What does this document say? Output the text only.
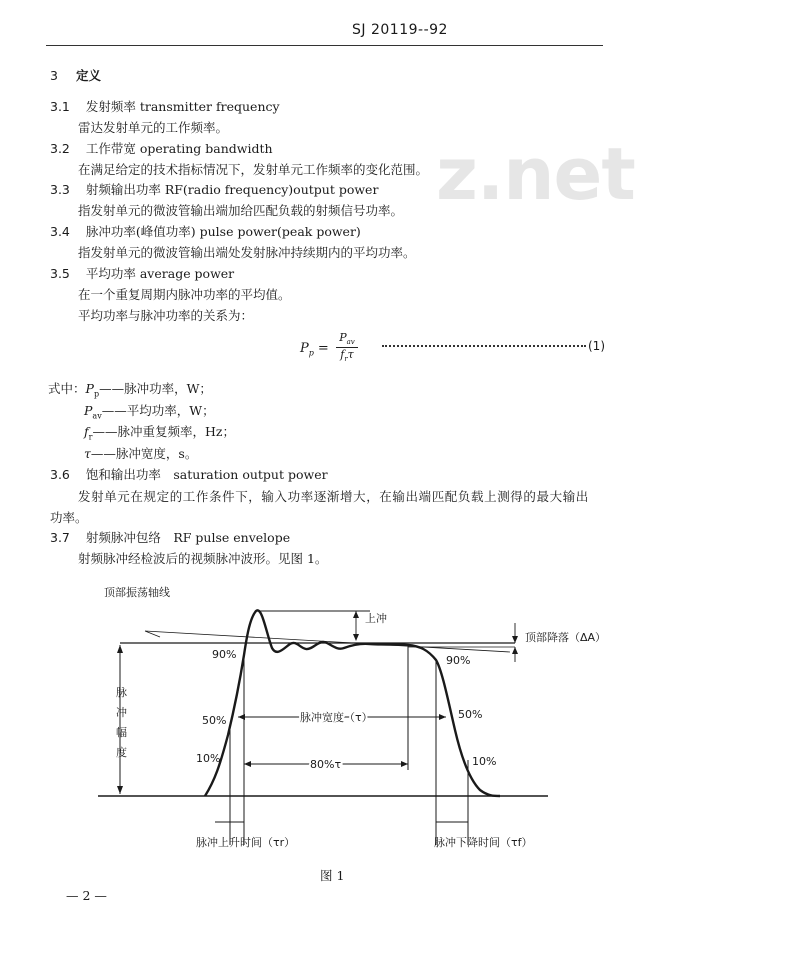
SJ 20119--92
z.net
3 定义
3.1 发射频率 transmitter frequency
雷达发射单元的工作频率。
3.2 工作带宽 operating bandwidth
在满足给定的技术指标情况下，发射单元工作频率的变化范围。
3.3 射频输出功率 RF(radio frequency)output power
指发射单元的微波管输出端加给匹配负载的射频信号功率。
3.4 脉冲功率(峰值功率) pulse power(peak power)
指发射单元的微波管输出端处发射脉冲持续期内的平均功率。
3.5 平均功率 average power
在一个重复周期内脉冲功率的平均值。
平均功率与脉冲功率的关系为：
$P_p$ =
$P_{av}$
$f_r\tau$
(1)
式中：$P_p——$脉冲功率，W；
$P_{av}——$平均功率，W；
$f_r——$脉冲重复频率，Hz；
τ——脉冲宽度，s。
3.6 饱和输出功率　saturation output power
发射单元在规定的工作条件下，输入功率逐渐增大，在输出端匹配负载上测得的最大输出
功率。
3.7 射频脉冲包络　RF pulse envelope
射频脉冲经检波后的视频脉冲波形。见图 1。
顶部振荡轴线
上冲
顶部降落（ΔA）
脉
冲
幅
度
90%	90%
50%	50%
10%	10%
脉冲宽度（τ）
80%τ
脉冲上升时间（τr）	脉冲下降时间（τf）
图 1
— 2 —
